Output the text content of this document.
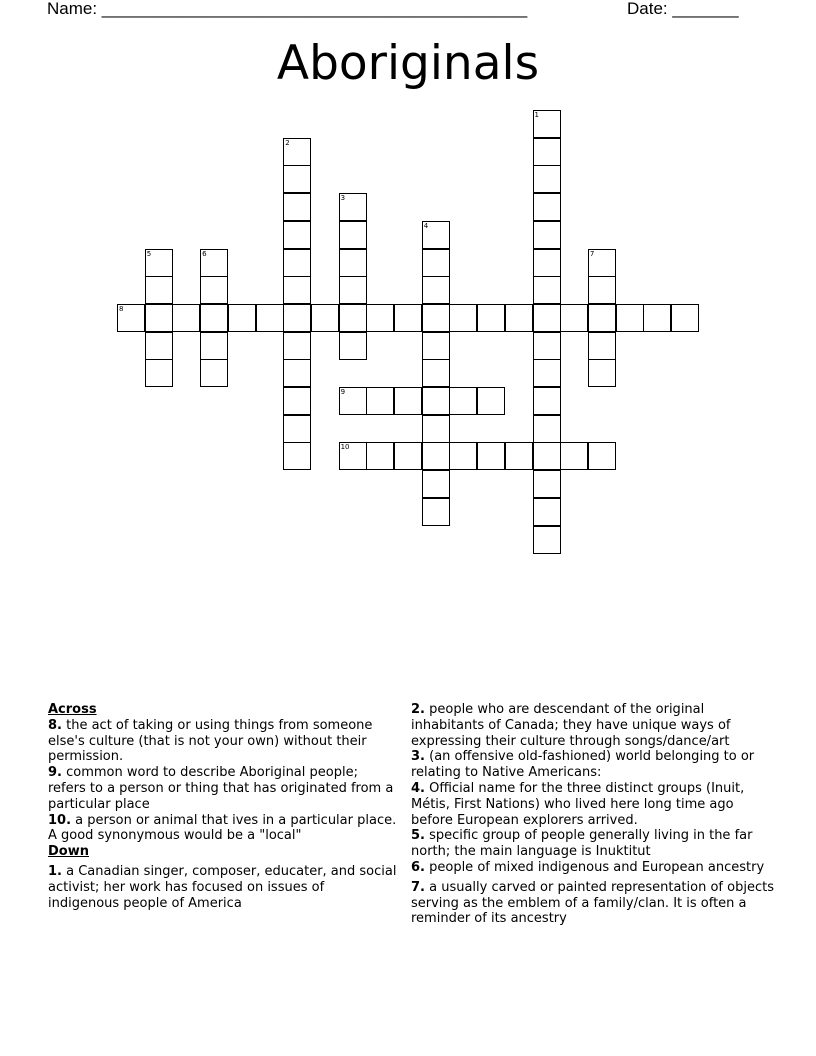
Name: _____________________________________________	Date: _______
Aboriginals
1
2
3
4
5	6	7
8
9
10
Across

8. the act of taking or using things from someone else's culture (that is not your own) without their permission.

9. common word to describe Aboriginal people; refers to a person or thing that has originated from a particular place

10. a person or animal that ives in a particular place. A good synonymous would be a "local"

Down

1. a Canadian singer, composer, educater, and social activist; her work has focused on issues of indigenous people of America

2. people who are descendant of the original inhabitants of Canada; they have unique ways of expressing their culture through songs/dance/art

3. (an offensive old-fashioned) world belonging to or relating to Native Americans:

4. Official name for the three distinct groups (Inuit, Métis, First Nations) who lived here long time ago before European explorers arrived.

5. specific group of people generally living in the far north; the main language is Inuktitut

6. people of mixed indigenous and European ancestry

7. a usually carved or painted representation of objects serving as the emblem of a family/clan. It is often a reminder of its ancestry
